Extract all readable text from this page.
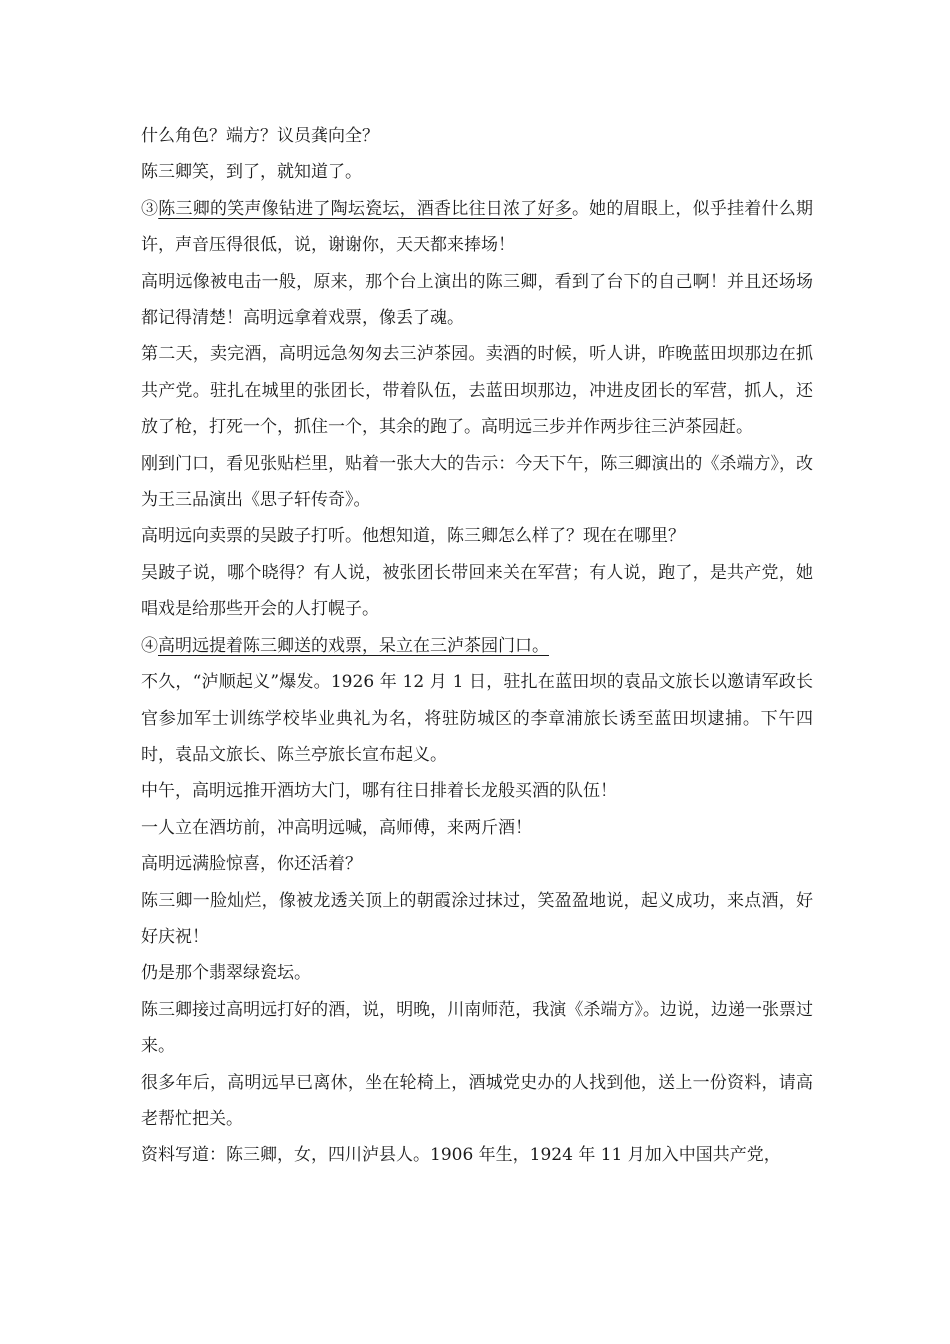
什么角色？端方？议员龚向全？

陈三卿笑，到了，就知道了。

③陈三卿的笑声像钻进了陶坛瓷坛，酒香比往日浓了好多。她的眉眼上，似乎挂着什么期许，声音压得很低，说，谢谢你，天天都来捧场！

高明远像被电击一般，原来，那个台上演出的陈三卿，看到了台下的自己啊！并且还场场都记得清楚！高明远拿着戏票，像丢了魂。

第二天，卖完酒，高明远急匆匆去三泸茶园。卖酒的时候，听人讲，昨晚蓝田坝那边在抓共产党。驻扎在城里的张团长，带着队伍，去蓝田坝那边，冲进皮团长的军营，抓人，还放了枪，打死一个，抓住一个，其余的跑了。高明远三步并作两步往三泸茶园赶。

刚到门口，看见张贴栏里，贴着一张大大的告示：今天下午，陈三卿演出的《杀端方》，改为王三品演出《思子轩传奇》。

高明远向卖票的吴跛子打听。他想知道，陈三卿怎么样了？现在在哪里？

吴跛子说，哪个晓得？有人说，被张团长带回来关在军营；有人说，跑了，是共产党，她唱戏是给那些开会的人打幌子。

④高明远提着陈三卿送的戏票，呆立在三泸茶园门口。

不久，“泸顺起义”爆发。1926 年 12 月 1 日，驻扎在蓝田坝的袁品文旅长以邀请军政长官参加军士训练学校毕业典礼为名，将驻防城区的李章浦旅长诱至蓝田坝逮捕。下午四时，袁品文旅长、陈兰亭旅长宣布起义。

中午，高明远推开酒坊大门，哪有往日排着长龙般买酒的队伍！

一人立在酒坊前，冲高明远喊，高师傅，来两斤酒！

高明远满脸惊喜，你还活着？

陈三卿一脸灿烂，像被龙透关顶上的朝霞涂过抹过，笑盈盈地说，起义成功，来点酒，好好庆祝！

仍是那个翡翠绿瓷坛。

陈三卿接过高明远打好的酒，说，明晚，川南师范，我演《杀端方》。边说，边递一张票过来。

很多年后，高明远早已离休，坐在轮椅上，酒城党史办的人找到他，送上一份资料，请高老帮忙把关。

资料写道：陈三卿，女，四川泸县人。1906 年生，1924 年 11 月加入中国共产党，
